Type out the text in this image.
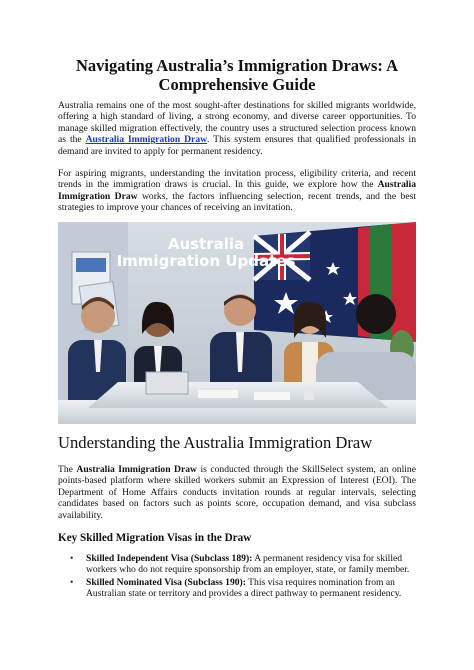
Navigating Australia’s Immigration Draws: A Comprehensive Guide

Australia remains one of the most sought-after destinations for skilled migrants worldwide, offering a high standard of living, a strong economy, and diverse career opportunities. To manage skilled migration effectively, the country uses a structured selection process known as the Australia Immigration Draw. This system ensures that qualified professionals in demand are invited to apply for permanent residency.

For aspiring migrants, understanding the invitation process, eligibility criteria, and recent trends in the immigration draws is crucial. In this guide, we explore how the Australia Immigration Draw works, the factors influencing selection, recent trends, and the best strategies to improve your chances of receiving an invitation.

Australia
Immigration Updates
Understanding the Australia Immigration Draw

The Australia Immigration Draw is conducted through the SkillSelect system, an online points-based platform where skilled workers submit an Expression of Interest (EOI). The Department of Home Affairs conducts invitation rounds at regular intervals, selecting candidates based on factors such as points score, occupation demand, and visa subclass availability.

Key Skilled Migration Visas in the Draw
• Skilled Independent Visa (Subclass 189): A permanent residency visa for skilled workers who do not require sponsorship from an employer, state, or family member.
• Skilled Nominated Visa (Subclass 190): This visa requires nomination from an Australian state or territory and provides a direct pathway to permanent residency.
